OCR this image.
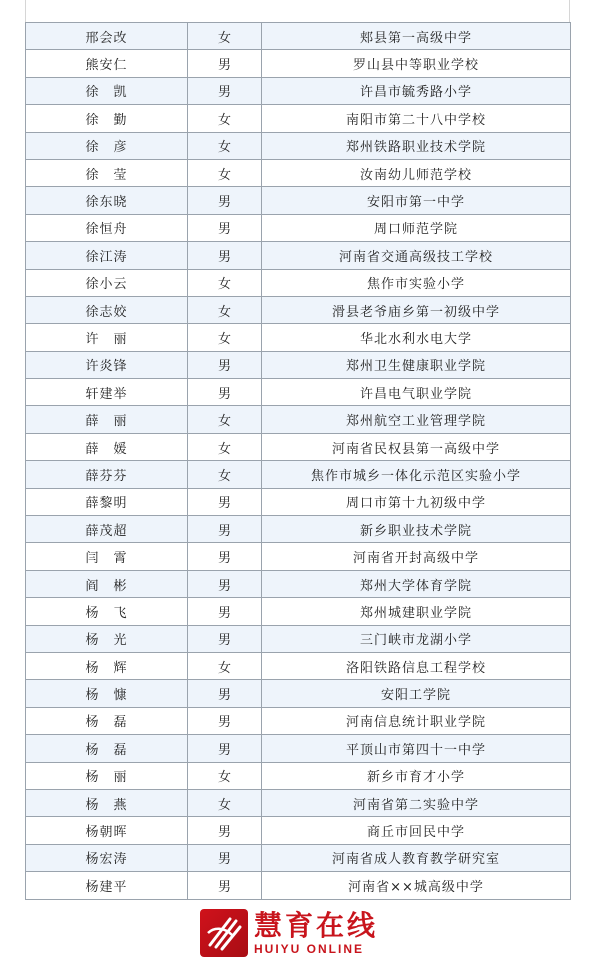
邢会改	女	郏县第一高级中学
熊安仁	男	罗山县中等职业学校
徐　凯	男	许昌市毓秀路小学
徐　勤	女	南阳市第二十八中学校
徐　彦	女	郑州铁路职业技术学院
徐　莹	女	汝南幼儿师范学校
徐东晓	男	安阳市第一中学
徐恒舟	男	周口师范学院
徐江涛	男	河南省交通高级技工学校
徐小云	女	焦作市实验小学
徐志姣	女	滑县老爷庙乡第一初级中学
许　丽	女	华北水利水电大学
许炎锋	男	郑州卫生健康职业学院
轩建举	男	许昌电气职业学院
薛　丽	女	郑州航空工业管理学院
薛　媛	女	河南省民权县第一高级中学
薛芬芬	女	焦作市城乡一体化示范区实验小学
薛黎明	男	周口市第十九初级中学
薛茂超	男	新乡职业技术学院
闫　霄	男	河南省开封高级中学
阎　彬	男	郑州大学体育学院
杨　飞	男	郑州城建职业学院
杨　光	男	三门峡市龙湖小学
杨　辉	女	洛阳铁路信息工程学校
杨　慷	男	安阳工学院
杨　磊	男	河南信息统计职业学院
杨　磊	男	平顶山市第四十一中学
杨　丽	女	新乡市育才小学
杨　燕	女	河南省第二实验中学
杨朝晖	男	商丘市回民中学
杨宏涛	男	河南省成人教育教学研究室
杨建平	男	河南省××城高级中学
慧育在线
HUIYU ONLINE
